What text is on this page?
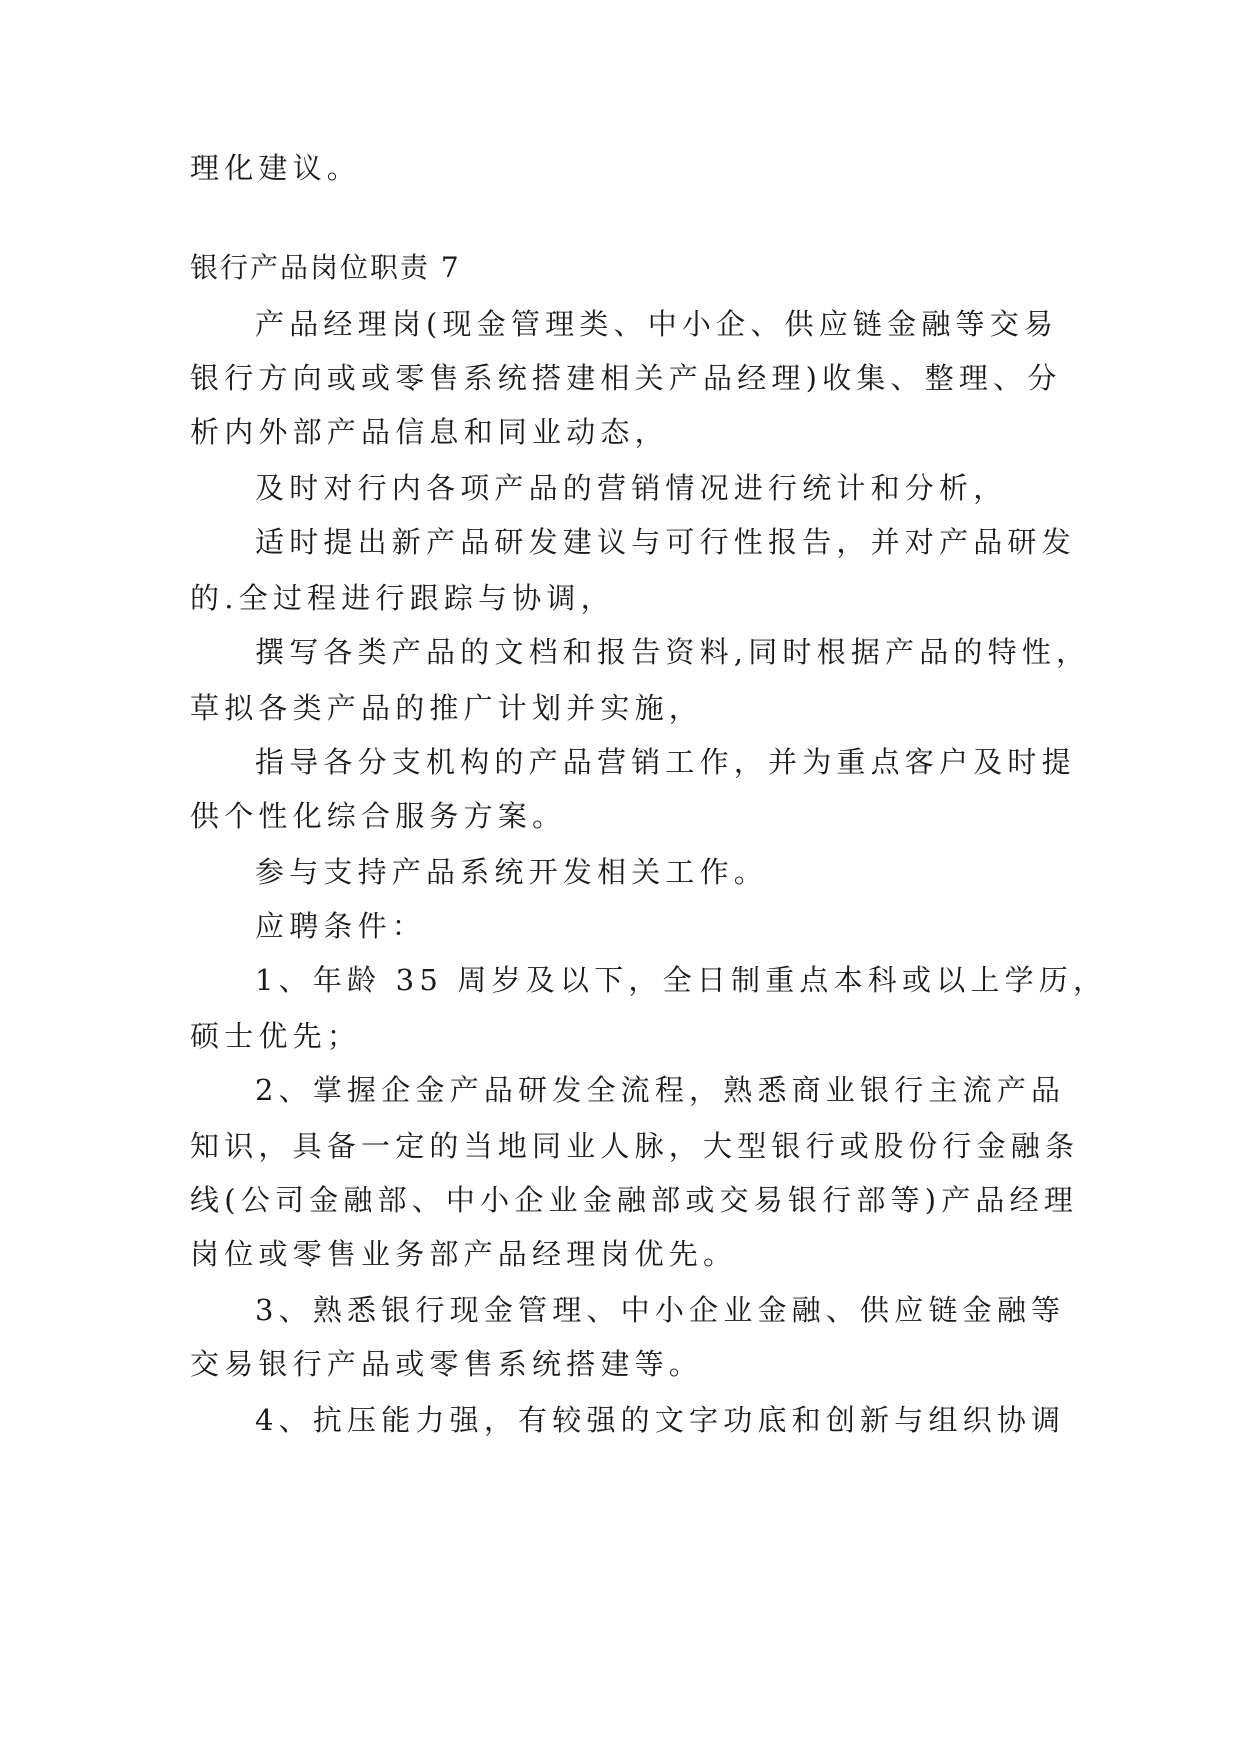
理化建议。
银行产品岗位职责 7
产品经理岗(现金管理类、中小企、供应链金融等交易
银行方向或或零售系统搭建相关产品经理)收集、整理、分
析内外部产品信息和同业动态，
及时对行内各项产品的营销情况进行统计和分析，
适时提出新产品研发建议与可行性报告，并对产品研发
的.全过程进行跟踪与协调，
撰写各类产品的文档和报告资料,同时根据产品的特性，
草拟各类产品的推广计划并实施，
指导各分支机构的产品营销工作，并为重点客户及时提
供个性化综合服务方案。
参与支持产品系统开发相关工作。
应聘条件：
1、年龄 35 周岁及以下，全日制重点本科或以上学历，
硕士优先；
2、掌握企金产品研发全流程，熟悉商业银行主流产品
知识，具备一定的当地同业人脉，大型银行或股份行金融条
线(公司金融部、中小企业金融部或交易银行部等)产品经理
岗位或零售业务部产品经理岗优先。
3、熟悉银行现金管理、中小企业金融、供应链金融等
交易银行产品或零售系统搭建等。
4、抗压能力强，有较强的文字功底和创新与组织协调
